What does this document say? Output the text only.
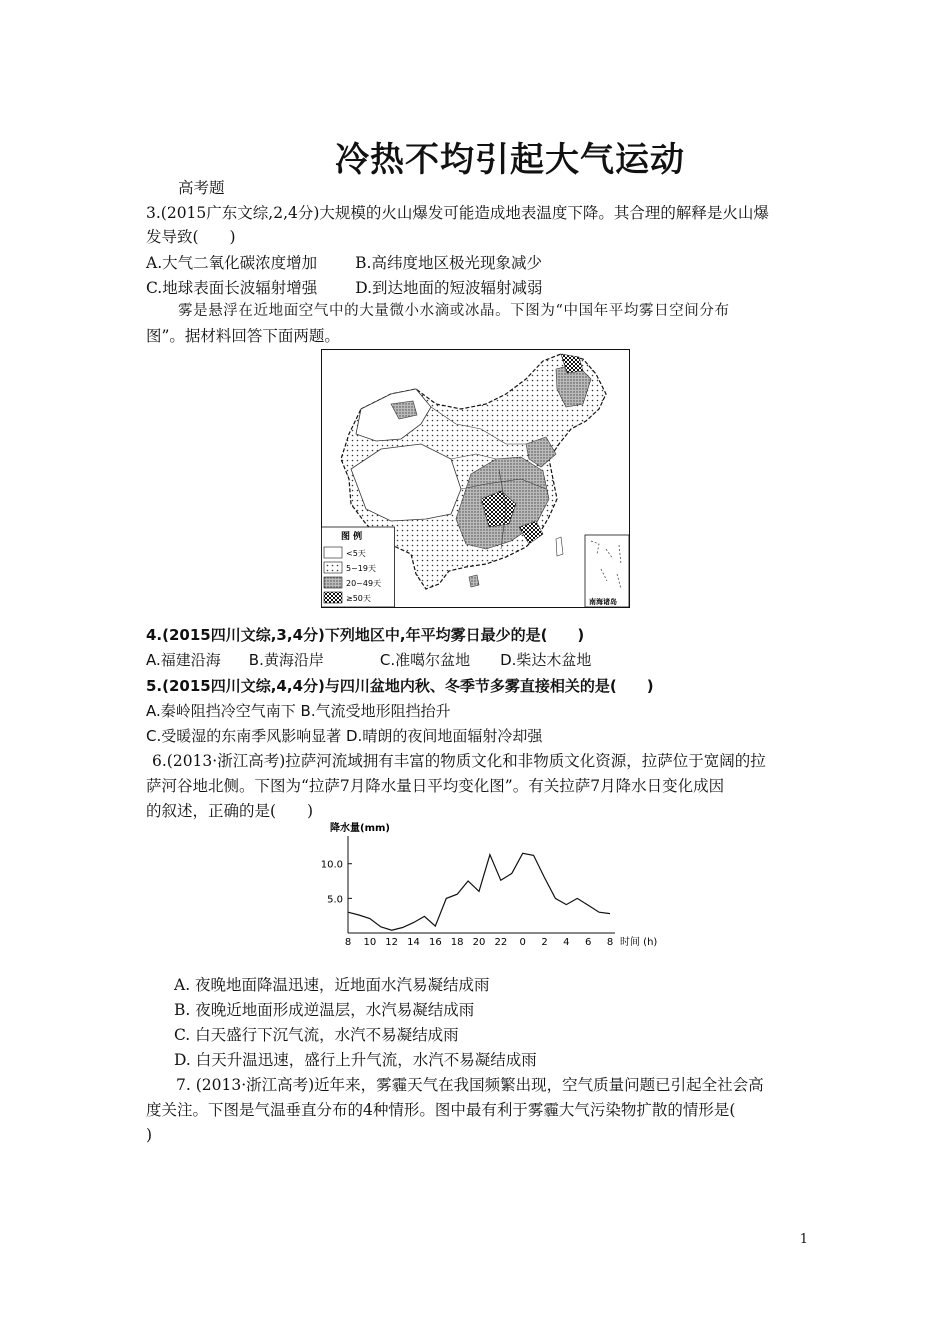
冷热不均引起大气运动
高考题
3.(2015广东文综,2,4分)大规模的火山爆发可能造成地表温度下降。其合理的解释是火山爆
发导致(　　)
A.大气二氧化碳浓度增加 B.高纬度地区极光现象减少
C.地球表面长波辐射增强 D.到达地面的短波辐射减弱
雾是悬浮在近地面空气中的大量微小水滴或冰晶。下图为“中国年平均雾日空间分布
图”。据材料回答下面两题。
图 例
<5天
5~19天
20~49天
≥50天	南海诸岛
4.(2015四川文综,3,4分)下列地区中,年平均雾日最少的是(　　)
A.福建沿海 B.黄海沿岸	C.准噶尔盆地 D.柴达木盆地
5.(2015四川文综,4,4分)与四川盆地内秋、冬季节多雾直接相关的是(　　)
A.秦岭阻挡冷空气南下 B.气流受地形阻挡抬升
C.受暖湿的东南季风影响显著 D.晴朗的夜间地面辐射冷却强
6.(2013·浙江高考)拉萨河流域拥有丰富的物质文化和非物质文化资源，拉萨位于宽阔的拉
萨河谷地北侧。下图为“拉萨7月降水量日平均变化图”。有关拉萨7月降水日变化成因
的叙述，正确的是(　　)
降水量(mm)
5.0
10.0
8 10 12 14 16 18 20 22 0 2 4 6 8 时间 (h)
A. 夜晚地面降温迅速，近地面水汽易凝结成雨
B. 夜晚近地面形成逆温层，水汽易凝结成雨
C. 白天盛行下沉气流，水汽不易凝结成雨
D. 白天升温迅速，盛行上升气流，水汽不易凝结成雨
7. (2013·浙江高考)近年来，雾霾天气在我国频繁出现，空气质量问题已引起全社会高
度关注。下图是气温垂直分布的4种情形。图中最有利于雾霾大气污染物扩散的情形是(
)
1
